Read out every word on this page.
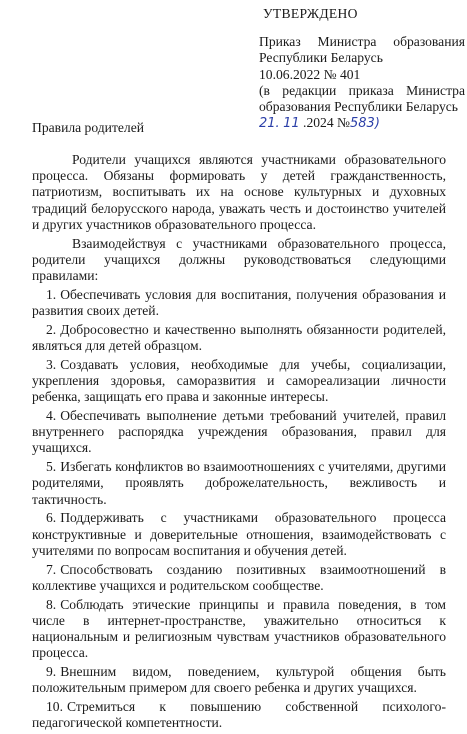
УТВЕРЖДЕНО
Приказ Министра образования
Республики Беларусь
10.06.2022 № 401
(в редакции приказа Министра
образования Республики Беларусь
21. 11 .2024 №583)
Правила родителей

Родители учащихся являются участниками образовательного процесса. Обязаны формировать у детей гражданственность, патриотизм, воспитывать их на основе культурных и духовных традиций белорусского народа, уважать честь и достоинство учителей и других участников образовательного процесса.

Взаимодействуя с участниками образовательного процесса, родители учащихся должны руководствоваться следующими правилами:

1. Обеспечивать условия для воспитания, получения образования и развития своих детей.

2. Добросовестно и качественно выполнять обязанности родителей, являться для детей образцом.

3. Создавать условия, необходимые для учебы, социализации, укрепления здоровья, саморазвития и самореализации личности ребенка, защищать его права и законные интересы.

4. Обеспечивать выполнение детьми требований учителей, правил внутреннего распорядка учреждения образования, правил для учащихся.

5. Избегать конфликтов во взаимоотношениях с учителями, другими родителями, проявлять доброжелательность, вежливость и тактичность.

6. Поддерживать с участниками образовательного процесса конструктивные и доверительные отношения, взаимодействовать с учителями по вопросам воспитания и обучения детей.

7. Способствовать созданию позитивных взаимоотношений в коллективе учащихся и родительском сообществе.

8. Соблюдать этические принципы и правила поведения, в том числе в интернет-пространстве, уважительно относиться к национальным и религиозным чувствам участников образовательного процесса.

9. Внешним видом, поведением, культурой общения быть положительным примером для своего ребенка и других учащихся.

10. Стремиться к повышению собственной психолого-педагогической компетентности.
